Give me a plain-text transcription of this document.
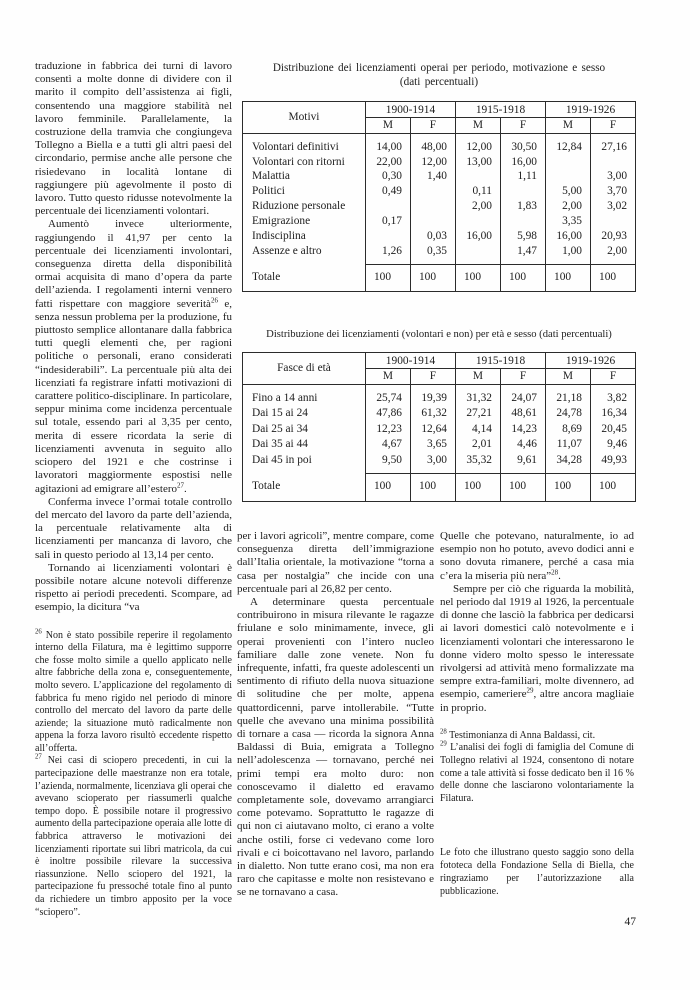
traduzione in fabbrica dei turni di lavoro consentì a molte donne di dividere con il marito il compito dell’assistenza ai figli, consentendo una maggiore stabilità nel lavoro femminile. Parallelamente, la costruzione della tramvia che congiungeva Tollegno a Biella e a tutti gli altri paesi del circondario, permise anche alle persone che risiedevano in località lontane di raggiungere più agevolmente il posto di lavoro. Tutto questo ridusse notevolmente la percentuale dei licenziamenti volontari.

Aumentò invece ulteriormente, raggiungendo il 41,97 per cento la percentuale dei licenziamenti involontari, conseguenza diretta della disponibilità ormai acquisita di mano d’opera da parte dell’azienda. I regolamenti interni vennero fatti rispettare con maggiore severità$^{26}$ e, senza nessun problema per la produzione, fu piuttosto semplice allontanare dalla fabbrica tutti quegli elementi che, per ragioni politiche o personali, erano considerati “indesiderabili”. La percentuale più alta dei licenziati fa registrare infatti motivazioni di carattere politico-disciplinare. In particolare, seppur minima come incidenza percentuale sul totale, essendo pari al 3,35 per cento, merita di essere ricordata la serie di licenziamenti avvenuta in seguito allo sciopero del 1921 e che costrinse i lavoratori maggiormente espostisi nelle agitazioni ad emigrare all’estero$^{27}$.

Conferma invece l’ormai totale controllo del mercato del lavoro da parte dell’azienda, la percentuale relativamente alta di licenziamenti per mancanza di lavoro, che salì in questo periodo al 13,14 per cento.

Tornando ai licenziamenti volontari è possibile notare alcune notevoli differenze rispetto ai periodi precedenti. Scompare, ad esempio, la dicitura “va

$^{26}$ Non è stato possibile reperire il regolamento interno della Filatura, ma è legittimo supporre che fosse molto simile a quello applicato nelle altre fabbriche della zona e, conseguentemente, molto severo. L’applicazione del regolamento di fabbrica fu meno rigido nel periodo di minore controllo del mercato del lavoro da parte delle aziende; la situazione mutò radicalmente non appena la forza lavoro risultò eccedente rispetto all’offerta.

$^{27}$ Nei casi di sciopero precedenti, in cui la partecipazione delle maestranze non era totale, l’azienda, normalmente, licenziava gli operai che avevano scioperato per riassumerli qualche tempo dopo. È possibile notare il progressivo aumento della partecipazione operaia alle lotte di fabbrica attraverso le motivazioni dei licenziamenti riportate sui libri matricola, da cui è inoltre possibile rilevare la successiva riassunzione. Nello sciopero del 1921, la partecipazione fu pressoché totale fino al punto da richiedere un timbro apposito per la voce “sciopero”.

Distribuzione dei licenziamenti operai per periodo, motivazione e sesso
(dati percentuali)
Motivi	1900-1914		1915-1918		1919-1926	
	M	F	M	F	M	F
Volontari definitivi	14,00	48,00	12,00	30,50	12,84	27,16
Volontari con ritorni	22,00	12,00	13,00	16,00		
Malattia	0,30	1,40		1,11		3,00
Politici	0,49		0,11		5,00	3,70
Riduzione personale			2,00	1,83	2,00	3,02
Emigrazione	0,17				3,35	
Indisciplina		0,03	16,00	5,98	16,00	20,93
Assenze e altro	1,26	0,35		1,47	1,00	2,00
Totale	100	100	100	100	100	100
Distribuzione dei licenziamenti (volontari e non) per età e sesso (dati percentuali)
Fasce di età	1900-1914		1915-1918		1919-1926	
	M	F	M	F	M	F
Fino a 14 anni	25,74	19,39	31,32	24,07	21,18	3,82
Dai 15 ai 24	47,86	61,32	27,21	48,61	24,78	16,34
Dai 25 ai 34	12,23	12,64	4,14	14,23	8,69	20,45
Dai 35 ai 44	4,67	3,65	2,01	4,46	11,07	9,46
Dai 45 in poi	9,50	3,00	35,32	9,61	34,28	49,93
Totale	100	100	100	100	100	100

per i lavori agricoli”, mentre compare, come conseguenza diretta dell’immigrazione dall’Italia orientale, la motivazione “torna a casa per nostalgia” che incide con una percentuale pari al 26,82 per cento.

A determinare questa percentuale contribuirono in misura rilevante le ragazze friulane e solo minimamente, invece, gli operai provenienti con l’intero nucleo familiare dalle zone venete. Non fu infrequente, infatti, fra queste adolescenti un sentimento di rifiuto della nuova situazione di solitudine che per molte, appena quattordicenni, parve intollerabile. “Tutte quelle che avevano una minima possibilità di tornare a casa — ricorda la signora Anna Baldassi di Buia, emigrata a Tollegno nell’adolescenza — tornavano, perché nei primi tempi era molto duro: non conoscevamo il dialetto ed eravamo completamente sole, dovevamo arrangiarci come potevamo. Soprattutto le ragazze di qui non ci aiutavano molto, ci erano a volte anche ostili, forse ci vedevano come loro rivali e ci boicottavano nel lavoro, parlando in dialetto. Non tutte erano così, ma non era raro che capitasse e molte non resistevano e se ne tornavano a casa.

Quelle che potevano, naturalmente, io ad esempio non ho potuto, avevo dodici anni e sono dovuta rimanere, perché a casa mia c’era la miseria più nera”$^{28}$.

Sempre per ciò che riguarda la mobilità, nel periodo dal 1919 al 1926, la percentuale di donne che lasciò la fabbrica per dedicarsi ai lavori domestici calò notevolmente e i licenziamenti volontari che interessarono le donne videro molto spesso le interessate rivolgersi ad attività meno formalizzate ma sempre extra-familiari, molte divennero, ad esempio, cameriere$^{29}$, altre ancora magliaie in proprio.

$^{28}$ Testimonianza di Anna Baldassi, cit.

$^{29}$ L’analisi dei fogli di famiglia del Comune di Tollegno relativi al 1924, consentono di notare come a tale attività si fosse dedicato ben il 16 % delle donne che lasciarono volontariamente la Filatura.

Le foto che illustrano questo saggio sono della fototeca della Fondazione Sella di Biella, che ringraziamo per l’autorizzazione alla pubblicazione.

47
